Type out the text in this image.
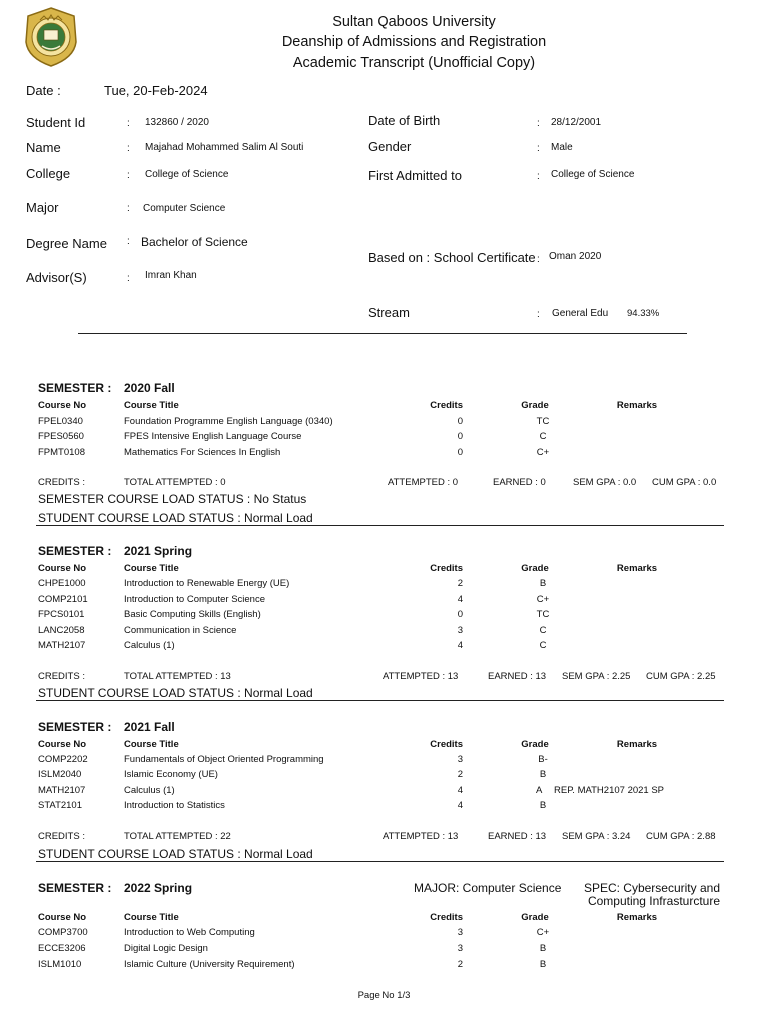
Sultan Qaboos University
Deanship of Admissions and Registration
Academic Transcript (Unofficial Copy)
Date :	Tue, 20-Feb-2024
Student Id	: 132860 / 2020
Name	: Majahad Mohammed Salim Al Souti
College	: College of Science
Major	: Computer Science
Degree Name : Bachelor of Science
Advisor(S)	: Imran Khan
Date of Birth	: 28/12/2001
Gender	: Male
First Admitted to	: College of Science
Based on : School Certificate : Oman 2020
Stream	: General Edu 94.33%
SEMESTER : 2020 Fall
Course No	Course Title	Credits	Grade	Remarks
FPEL0340	Foundation Programme English Language (0340)	0	TC
FPES0560	FPES Intensive English Language Course	0	C
FPMT0108	Mathematics For Sciences In English	0	C+
CREDITS :	TOTAL ATTEMPTED : 0	ATTEMPTED : 0	EARNED : 0	SEM GPA : 0.0 CUM GPA : 0.0
SEMESTER COURSE LOAD STATUS : No Status
STUDENT COURSE LOAD STATUS : Normal Load
SEMESTER : 2021 Spring
Course No	Course Title	Credits	Grade	Remarks
CHPE1000	Introduction to Renewable Energy (UE)	2	B
COMP2101	Introduction to Computer Science	4	C+
FPCS0101	Basic Computing Skills (English)	0	TC
LANC2058	Communication in Science	3	C
MATH2107	Calculus (1)	4	C
CREDITS :	TOTAL ATTEMPTED : 13	ATTEMPTED : 13	EARNED : 13 SEM GPA : 2.25 CUM GPA : 2.25
STUDENT COURSE LOAD STATUS : Normal Load
SEMESTER : 2021 Fall
Course No	Course Title	Credits	Grade	Remarks
COMP2202	Fundamentals of Object Oriented Programming	3	B-
ISLM2040	Islamic Economy (UE)	2	B
MATH2107	Calculus (1)	4	A REP. MATH2107 2021 SP
STAT2101	Introduction to Statistics	4	B
CREDITS :	TOTAL ATTEMPTED : 22	ATTEMPTED : 13	EARNED : 13 SEM GPA : 3.24 CUM GPA : 2.88
STUDENT COURSE LOAD STATUS : Normal Load
SEMESTER : 2022 Spring	MAJOR: Computer Science	SPEC: Cybersecurity and
Computing Infrasturcture
Course No	Course Title	Credits	Grade	Remarks
COMP3700	Introduction to Web Computing	3	C+
ECCE3206	Digital Logic Design	3	B
ISLM1010	Islamic Culture (University Requirement)	2	B
Page No 1/3
